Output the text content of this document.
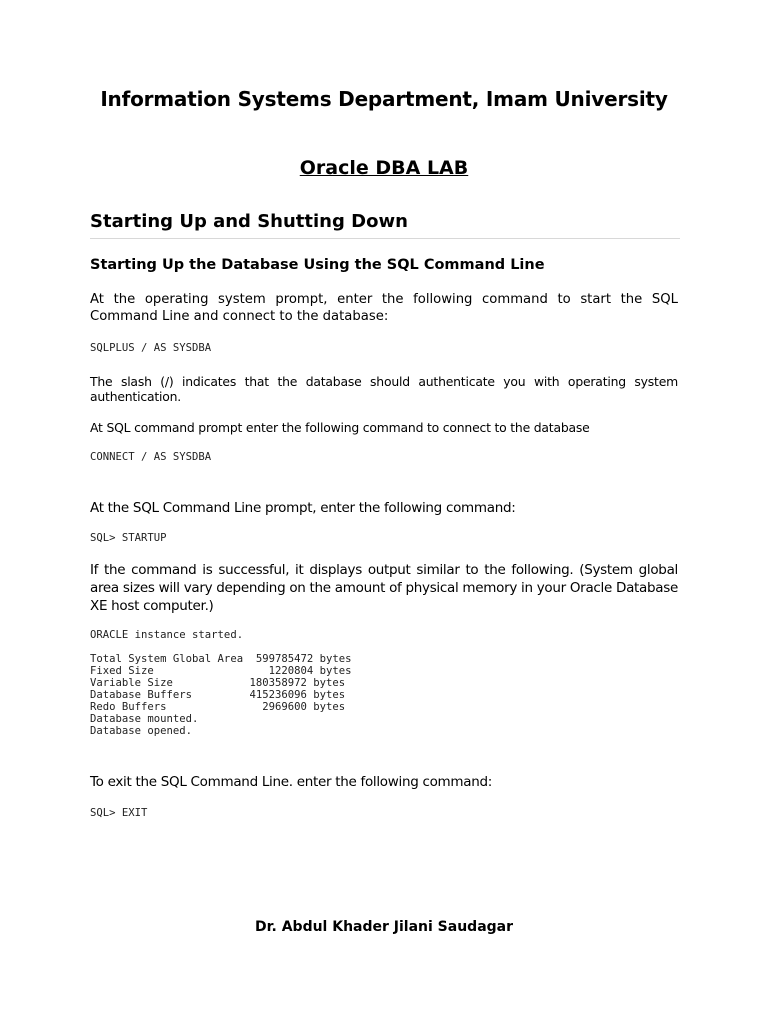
Information Systems Department, Imam University
Oracle DBA LAB
Starting Up and Shutting Down
Starting Up the Database Using the SQL Command Line

At the operating system prompt, enter the following command to start the SQL Command Line and connect to the database:

SQLPLUS / AS SYSDBA

The slash (/) indicates that the database should authenticate you with operating system authentication.

At SQL command prompt enter the following command to connect to the database

CONNECT / AS SYSDBA

At the SQL Command Line prompt, enter the following command:

SQL> STARTUP

If the command is successful, it displays output similar to the following. (System global area sizes will vary depending on the amount of physical memory in your Oracle Database XE host computer.)

ORACLE instance started.
Total System Global Area  599785472 bytes
Fixed Size                  1220804 bytes
Variable Size            180358972 bytes
Database Buffers         415236096 bytes
Redo Buffers               2969600 bytes
Database mounted.
Database opened.

To exit the SQL Command Line. enter the following command:

SQL> EXIT
Dr. Abdul Khader Jilani Saudagar
